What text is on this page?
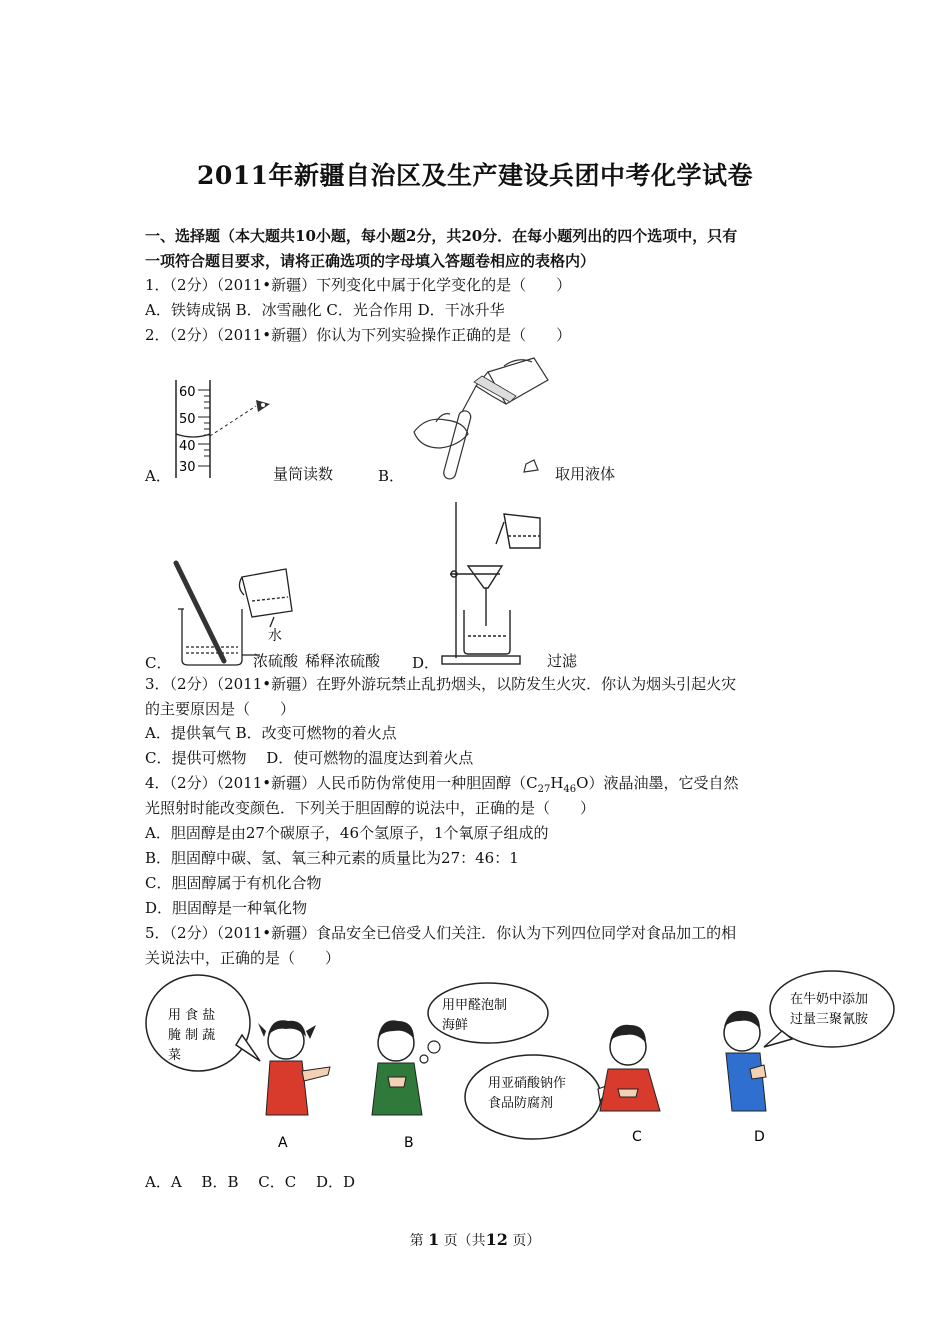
2011年新疆自治区及生产建设兵团中考化学试卷
一、选择题（本大题共10小题，每小题2分，共20分．在每小题列出的四个选项中，只有
一项符合题目要求，请将正确选项的字母填入答题卷相应的表格内）
1．（2分）（2011•新疆）下列变化中属于化学变化的是（　　）
A．铁铸成锅 B．冰雪融化 C．光合作用 D．干冰升华
2．（2分）（2011•新疆）你认为下列实验操作正确的是（　　）
60
50
40
30
A．	量筒读数	B．	取用液体
水
C．	浓硫酸 稀释浓硫酸 D．	过滤
3．（2分）（2011•新疆）在野外游玩禁止乱扔烟头，以防发生火灾．你认为烟头引起火灾
的主要原因是（　　）
A．提供氧气 B．改变可燃物的着火点
C．提供可燃物　 D．使可燃物的温度达到着火点
4．（2分）（2011•新疆）人民币防伪常使用一种胆固醇$(C_{27}H_{46}O)$液晶油墨，它受自然
光照射时能改变颜色．下列关于胆固醇的说法中，正确的是（　　）
A．胆固醇是由27个碳原子，46个氢原子，1个氧原子组成的
B．胆固醇中碳、氢、氧三种元素的质量比为27：46：1
C．胆固醇属于有机化合物
D．胆固醇是一种氧化物
5．（2分）（2011•新疆）食品安全已倍受人们关注．你认为下列四位同学对食品加工的相
关说法中，正确的是（　　）
用 食 盐
腌 制 蔬
菜
A
用甲醛泡制
海鲜
B
用亚硝酸钠作
食品防腐剂
C
在牛奶中添加
过量三聚氰胺
D
A．A　 B．B　 C．C　 D．D
第 1 页（共12 页）
